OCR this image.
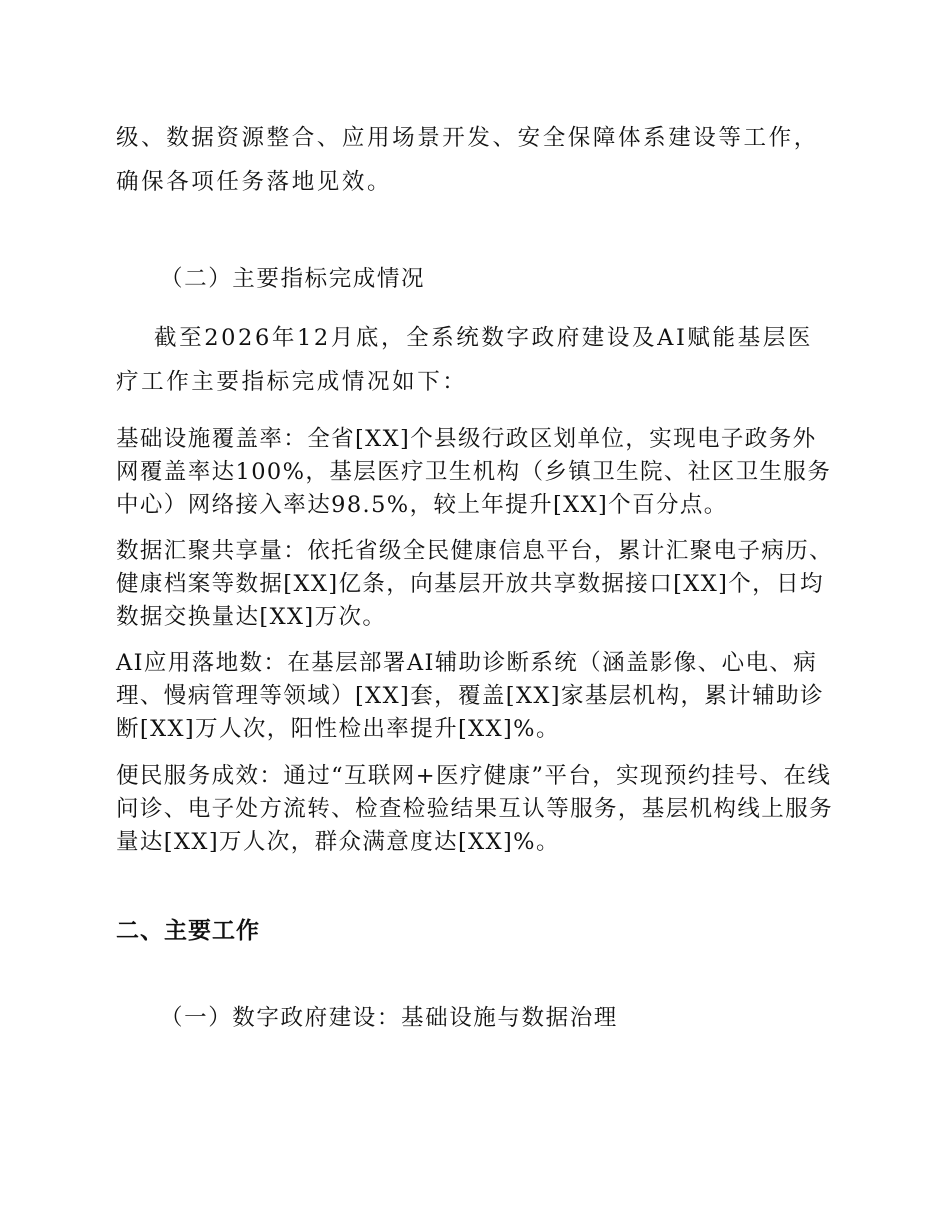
级、数据资源整合、应用场景开发、安全保障体系建设等工作，确保各项任务落地见效。

（二）主要指标完成情况

截至2026年12月底，全系统数字政府建设及AI赋能基层医疗工作主要指标完成情况如下：

基础设施覆盖率：全省[XX]个县级行政区划单位，实现电子政务外网覆盖率达100%，基层医疗卫生机构（乡镇卫生院、社区卫生服务中心）网络接入率达98.5%，较上年提升[XX]个百分点。

数据汇聚共享量：依托省级全民健康信息平台，累计汇聚电子病历、健康档案等数据[XX]亿条，向基层开放共享数据接口[XX]个，日均数据交换量达[XX]万次。

AI应用落地数：在基层部署AI辅助诊断系统（涵盖影像、心电、病理、慢病管理等领域）[XX]套，覆盖[XX]家基层机构，累计辅助诊断[XX]万人次，阳性检出率提升[XX]%。

便民服务成效：通过“互联网+医疗健康”平台，实现预约挂号、在线问诊、电子处方流转、检查检验结果互认等服务，基层机构线上服务量达[XX]万人次，群众满意度达[XX]%。

二、主要工作

（一）数字政府建设：基础设施与数据治理
